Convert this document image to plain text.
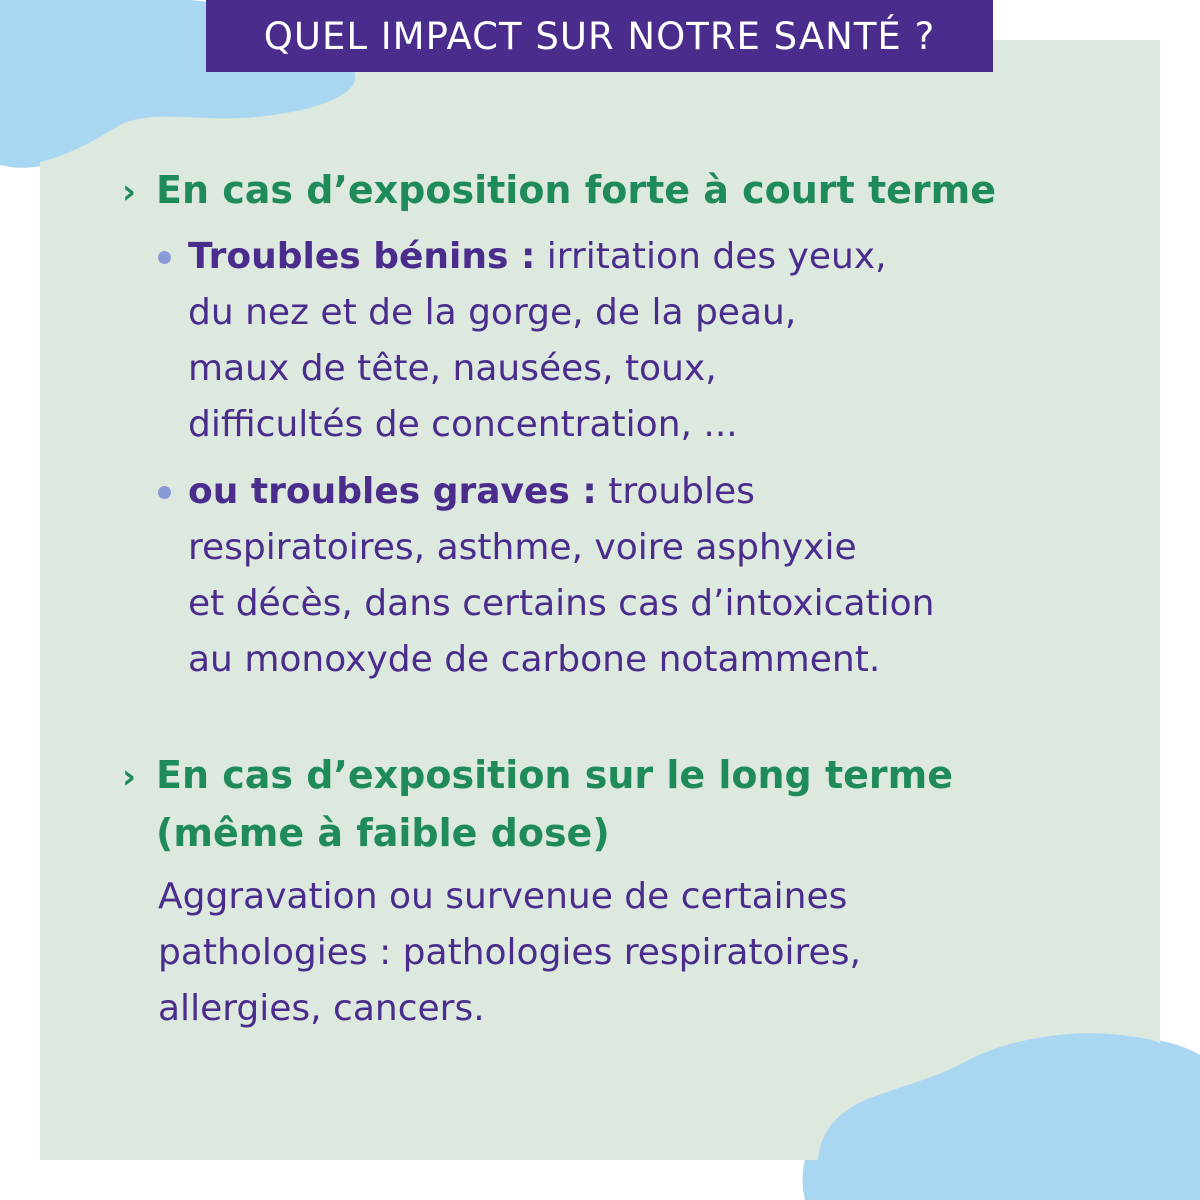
QUEL IMPACT SUR NOTRE SANTÉ ?
› En cas d’exposition forte à court terme
Troubles bénins : irritation des yeux,
du nez et de la gorge, de la peau,
maux de tête, nausées, toux,
difficultés de concentration, ...
ou troubles graves : troubles
respiratoires, asthme, voire asphyxie
et décès, dans certains cas d’intoxication
au monoxyde de carbone notamment.
› En cas d’exposition sur le long terme
(même à faible dose)
Aggravation ou survenue de certaines
pathologies : pathologies respiratoires,
allergies, cancers.
